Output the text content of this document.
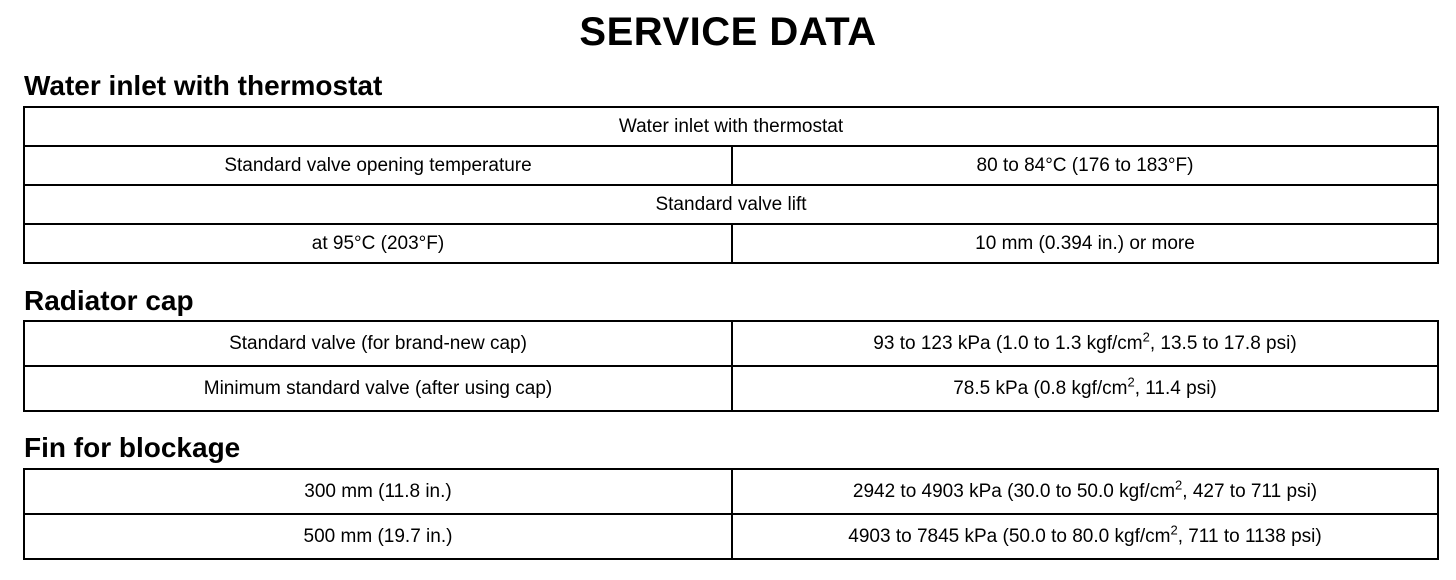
SERVICE DATA
Water inlet with thermostat
Water inlet with thermostat	
Standard valve opening temperature	80 to 84°C (176 to 183°F)
Standard valve lift	
at 95°C (203°F)	10 mm (0.394 in.) or more
Radiator cap
Standard valve (for brand-new cap)	93 to 123 kPa (1.0 to 1.3 kgf/$cm^2$, 13.5 to 17.8 psi)
Minimum standard valve (after using cap)	78.5 kPa (0.8 kgf/$cm^2$, 11.4 psi)
Fin for blockage
300 mm (11.8 in.)	2942 to 4903 kPa (30.0 to 50.0 kgf/$cm^2$, 427 to 711 psi)
500 mm (19.7 in.)	4903 to 7845 kPa (50.0 to 80.0 kgf/$cm^2$, 711 to 1138 psi)
